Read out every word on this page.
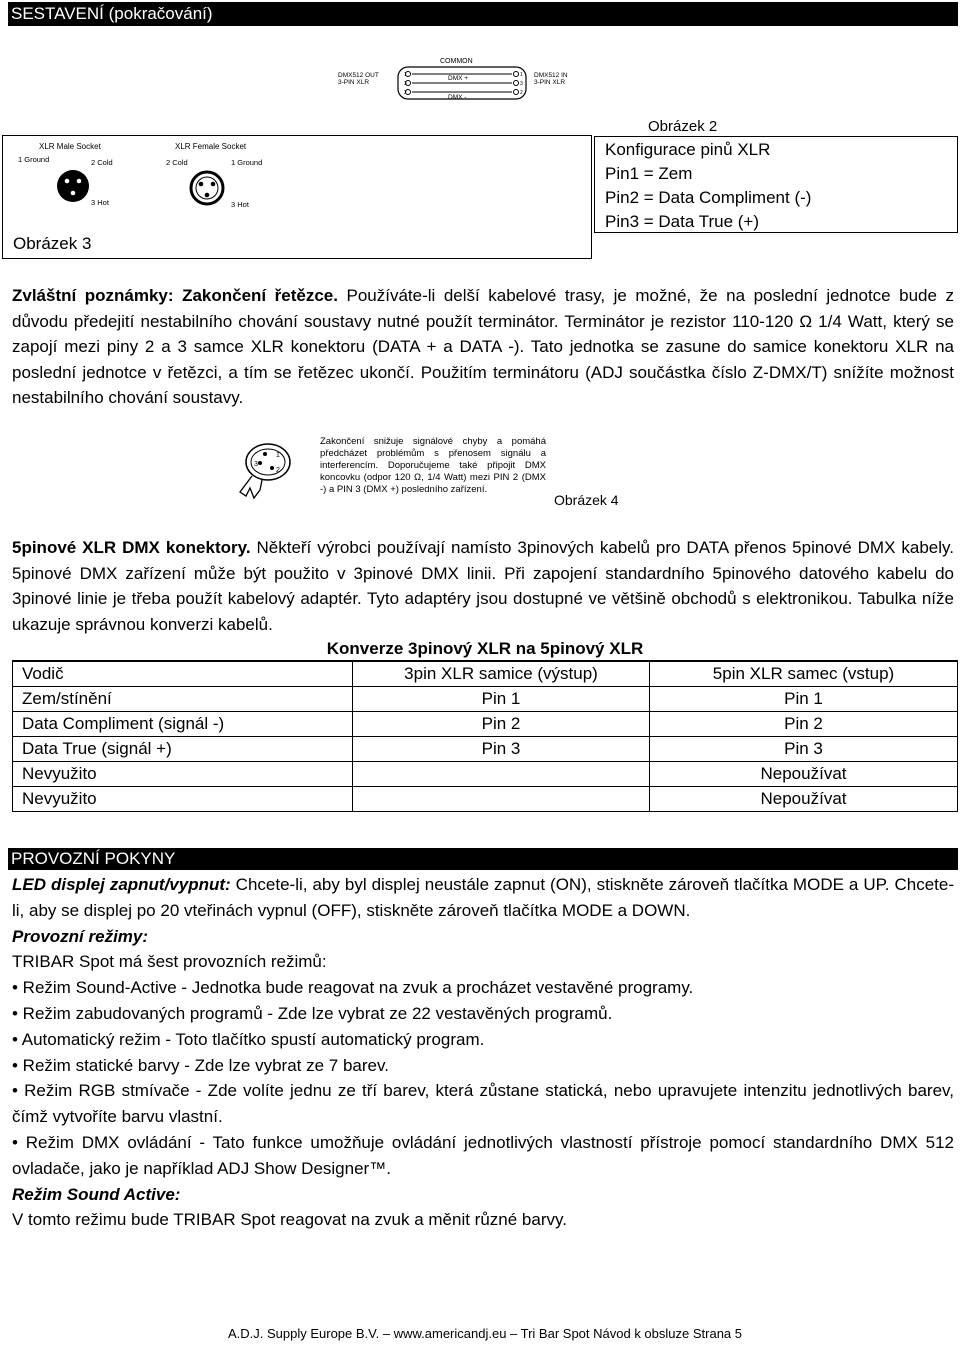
SESTAVENÍ (pokračování)
COMMON
DMX512 OUT 3-PIN XLR
DMX +
DMX -
1
3
2
1
3
2
DMX512 IN 3-PIN XLR
XLR Male Socket	XLR Female Socket
1 Ground	2 Cold
3 Hot
2 Cold	1 Ground
3 Hot
Obrázek 3
Obrázek 2
Konfigurace pinů XLR
Pin1 = Zem
Pin2 = Data Compliment (-)
Pin3 = Data True (+)

Zvláštní poznámky: Zakončení řetězce. Používáte-li delší kabelové trasy, je možné, že na poslední jednotce bude z důvodu předejití nestabilního chování soustavy nutné použít terminátor. Terminátor je rezistor 110-120 Ω 1/4 Watt, který se zapojí mezi piny 2 a 3 samce XLR konektoru (DATA + a DATA -). Tato jednotka se zasune do samice konektoru XLR na poslední jednotce v řetězci, a tím se řetězec ukončí. Použitím terminátoru (ADJ součástka číslo Z-DMX/T) snížíte možnost nestabilního chování soustavy.

1
3
2

Zakončení snižuje signálové chyby a pomáhá předcházet problémům s přenosem signálu a interferencím. Doporučujeme také připojit DMX koncovku (odpor 120 Ω, 1/4 Watt) mezi PIN 2 (DMX -) a PIN 3 (DMX +) posledního zařízení.

Obrázek 4

5pinové XLR DMX konektory. Někteří výrobci používají namísto 3pinových kabelů pro DATA přenos 5pinové DMX kabely. 5pinové DMX zařízení může být použito v 3pinové DMX linii. Při zapojení standardního 5pinového datového kabelu do 3pinové linie je třeba použít kabelový adaptér. Tyto adaptéry jsou dostupné ve většině obchodů s elektronikou. Tabulka níže ukazuje správnou konverzi kabelů.

Konverze 3pinový XLR na 5pinový XLR
Vodič	3pin XLR samice (výstup)	5pin XLR samec (vstup)
Zem/stínění	Pin 1	Pin 1
Data Compliment (signál -)	Pin 2	Pin 2
Data True (signál +)	Pin 3	Pin 3
Nevyužito		Nepoužívat
Nevyužito		Nepoužívat
PROVOZNÍ POKYNY

LED displej zapnut/vypnut: Chcete-li, aby byl displej neustále zapnut (ON), stiskněte zároveň tlačítka MODE a UP. Chcete-li, aby se displej po 20 vteřinách vypnul (OFF), stiskněte zároveň tlačítka MODE a DOWN.

Provozní režimy:

TRIBAR Spot má šest provozních režimů:

• Režim Sound-Active - Jednotka bude reagovat na zvuk a procházet vestavěné programy.

• Režim zabudovaných programů - Zde lze vybrat ze 22 vestavěných programů.

• Automatický režim - Toto tlačítko spustí automatický program.

• Režim statické barvy - Zde lze vybrat ze 7 barev.

• Režim RGB stmívače - Zde volíte jednu ze tří barev, která zůstane statická, nebo upravujete intenzitu jednotlivých barev, čímž vytvoříte barvu vlastní.

• Režim DMX ovládání - Tato funkce umožňuje ovládání jednotlivých vlastností přístroje pomocí standardního DMX 512 ovladače, jako je například ADJ Show Designer™.

Režim Sound Active:

V tomto režimu bude TRIBAR Spot reagovat na zvuk a měnit různé barvy.

A.D.J. Supply Europe B.V. – www.americandj.eu – Tri Bar Spot Návod k obsluze Strana 5
